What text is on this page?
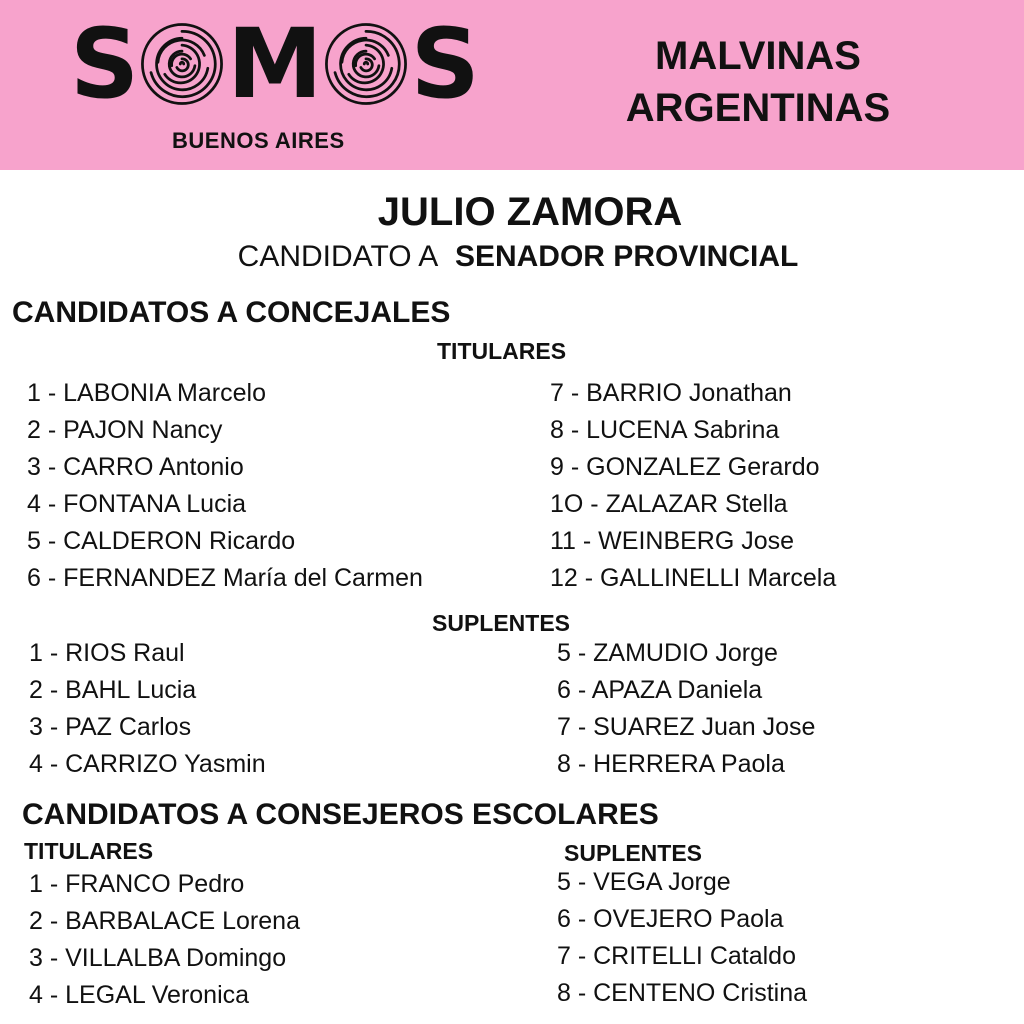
S M S
BUENOS AIRES
MALVINAS
ARGENTINAS
JULIO ZAMORA
CANDIDATO A SENADOR PROVINCIAL
CANDIDATOS A CONCEJALES
TITULARES
1 - LABONIA Marcelo
2 - PAJON Nancy
3 - CARRO Antonio
4 - FONTANA Lucia
5 - CALDERON Ricardo
6 - FERNANDEZ María del Carmen
7 - BARRIO Jonathan
8 - LUCENA Sabrina
9 - GONZALEZ Gerardo
1O - ZALAZAR Stella
11 - WEINBERG Jose
12 - GALLINELLI Marcela
SUPLENTES
1 - RIOS Raul
2 - BAHL Lucia
3 - PAZ Carlos
4 - CARRIZO Yasmin
5 - ZAMUDIO Jorge
6 - APAZA Daniela
7 - SUAREZ Juan Jose
8 - HERRERA Paola
CANDIDATOS A CONSEJEROS ESCOLARES
TITULARES	SUPLENTES
1 - FRANCO Pedro
2 - BARBALACE Lorena
3 - VILLALBA Domingo
4 - LEGAL Veronica
5 - VEGA Jorge
6 - OVEJERO Paola
7 - CRITELLI Cataldo
8 - CENTENO Cristina
